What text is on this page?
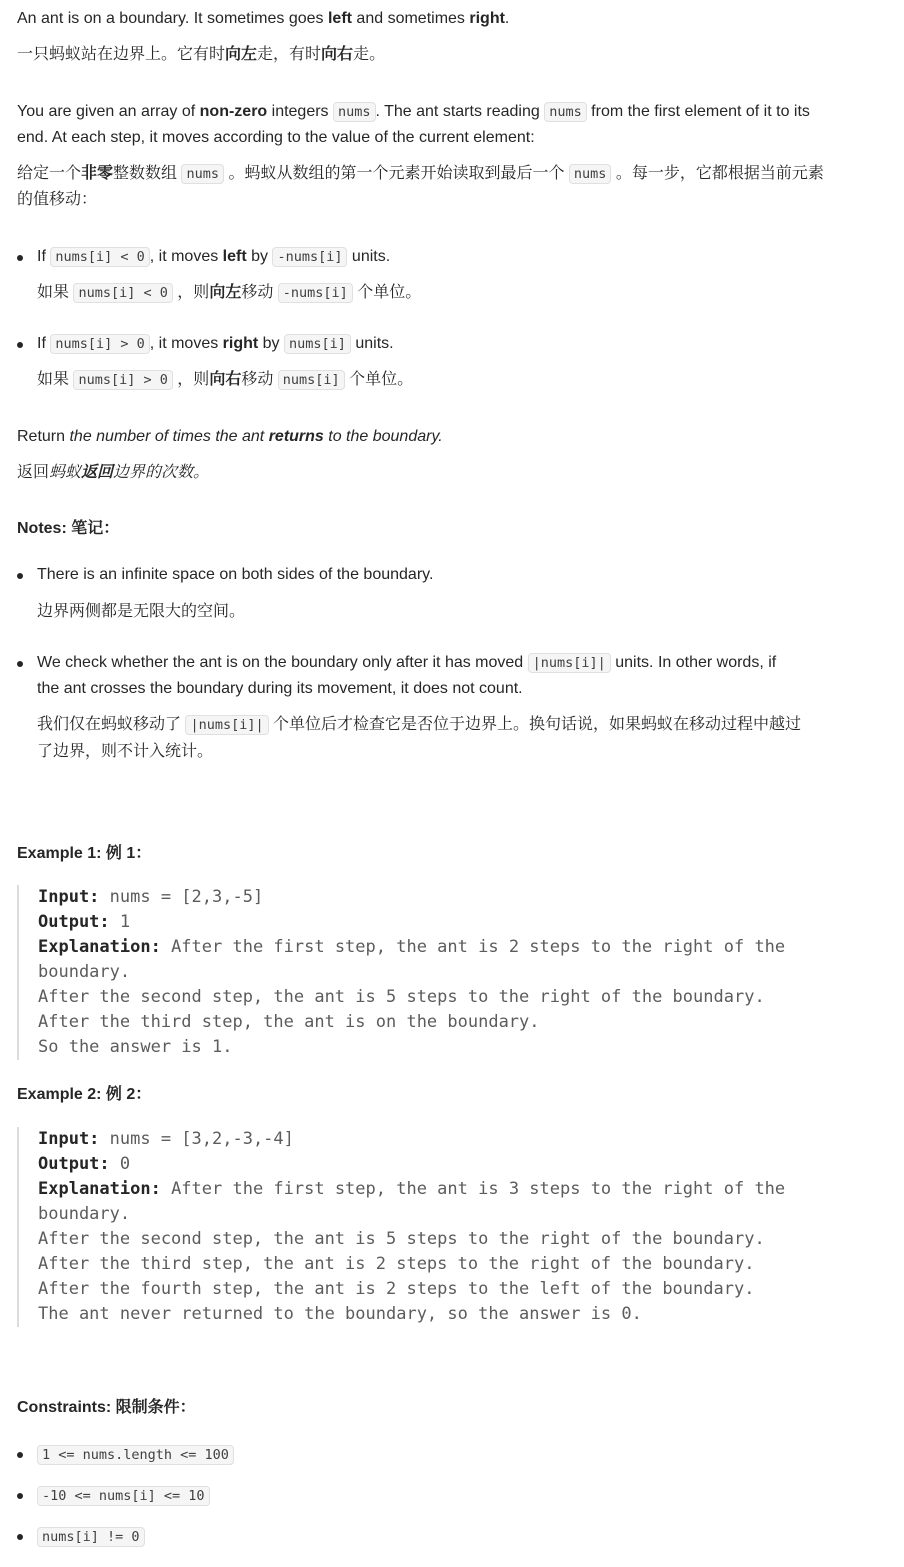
An ant is on a boundary. It sometimes goes left and sometimes right.
一只蚂蚁站在边界上。它有时向左走，有时向右走。
You are given an array of non-zero integers nums . The ant starts reading nums from the first element of it to its
end. At each step, it moves according to the value of the current element:
给定一个非零整数数组 nums 。蚂蚁从数组的第一个元素开始读取到最后一个 nums 。每一步，它都根据当前元素
的值移动：
If nums[i] < 0 , it moves left by -nums[i] units.
如果 nums[i] < 0 ，则向左移动 -nums[i] 个单位。
If nums[i] > 0 , it moves right by nums[i] units.
如果 nums[i] > 0 ，则向右移动 nums[i] 个单位。
Return the number of times the ant returns to the boundary.
返回蚂蚁返回边界的次数。
Notes: 笔记：
There is an infinite space on both sides of the boundary.
边界两侧都是无限大的空间。
We check whether the ant is on the boundary only after it has moved |nums[i]| units. In other words, if
the ant crosses the boundary during its movement, it does not count.
我们仅在蚂蚁移动了 |nums[i]| 个单位后才检查它是否位于边界上。换句话说，如果蚂蚁在移动过程中越过
了边界，则不计入统计。
Example 1: 例 1：
Input: nums = [2,3,-5]
Output: 1
Explanation: After the first step, the ant is 2 steps to the right of the
boundary.
After the second step, the ant is 5 steps to the right of the boundary.
After the third step, the ant is on the boundary.
So the answer is 1.
Example 2: 例 2：
Input: nums = [3,2,-3,-4]
Output: 0
Explanation: After the first step, the ant is 3 steps to the right of the
boundary.
After the second step, the ant is 5 steps to the right of the boundary.
After the third step, the ant is 2 steps to the right of the boundary.
After the fourth step, the ant is 2 steps to the left of the boundary.
The ant never returned to the boundary, so the answer is 0.
Constraints: 限制条件：
1 <= nums.length <= 100
-10 <= nums[i] <= 10
nums[i] != 0
